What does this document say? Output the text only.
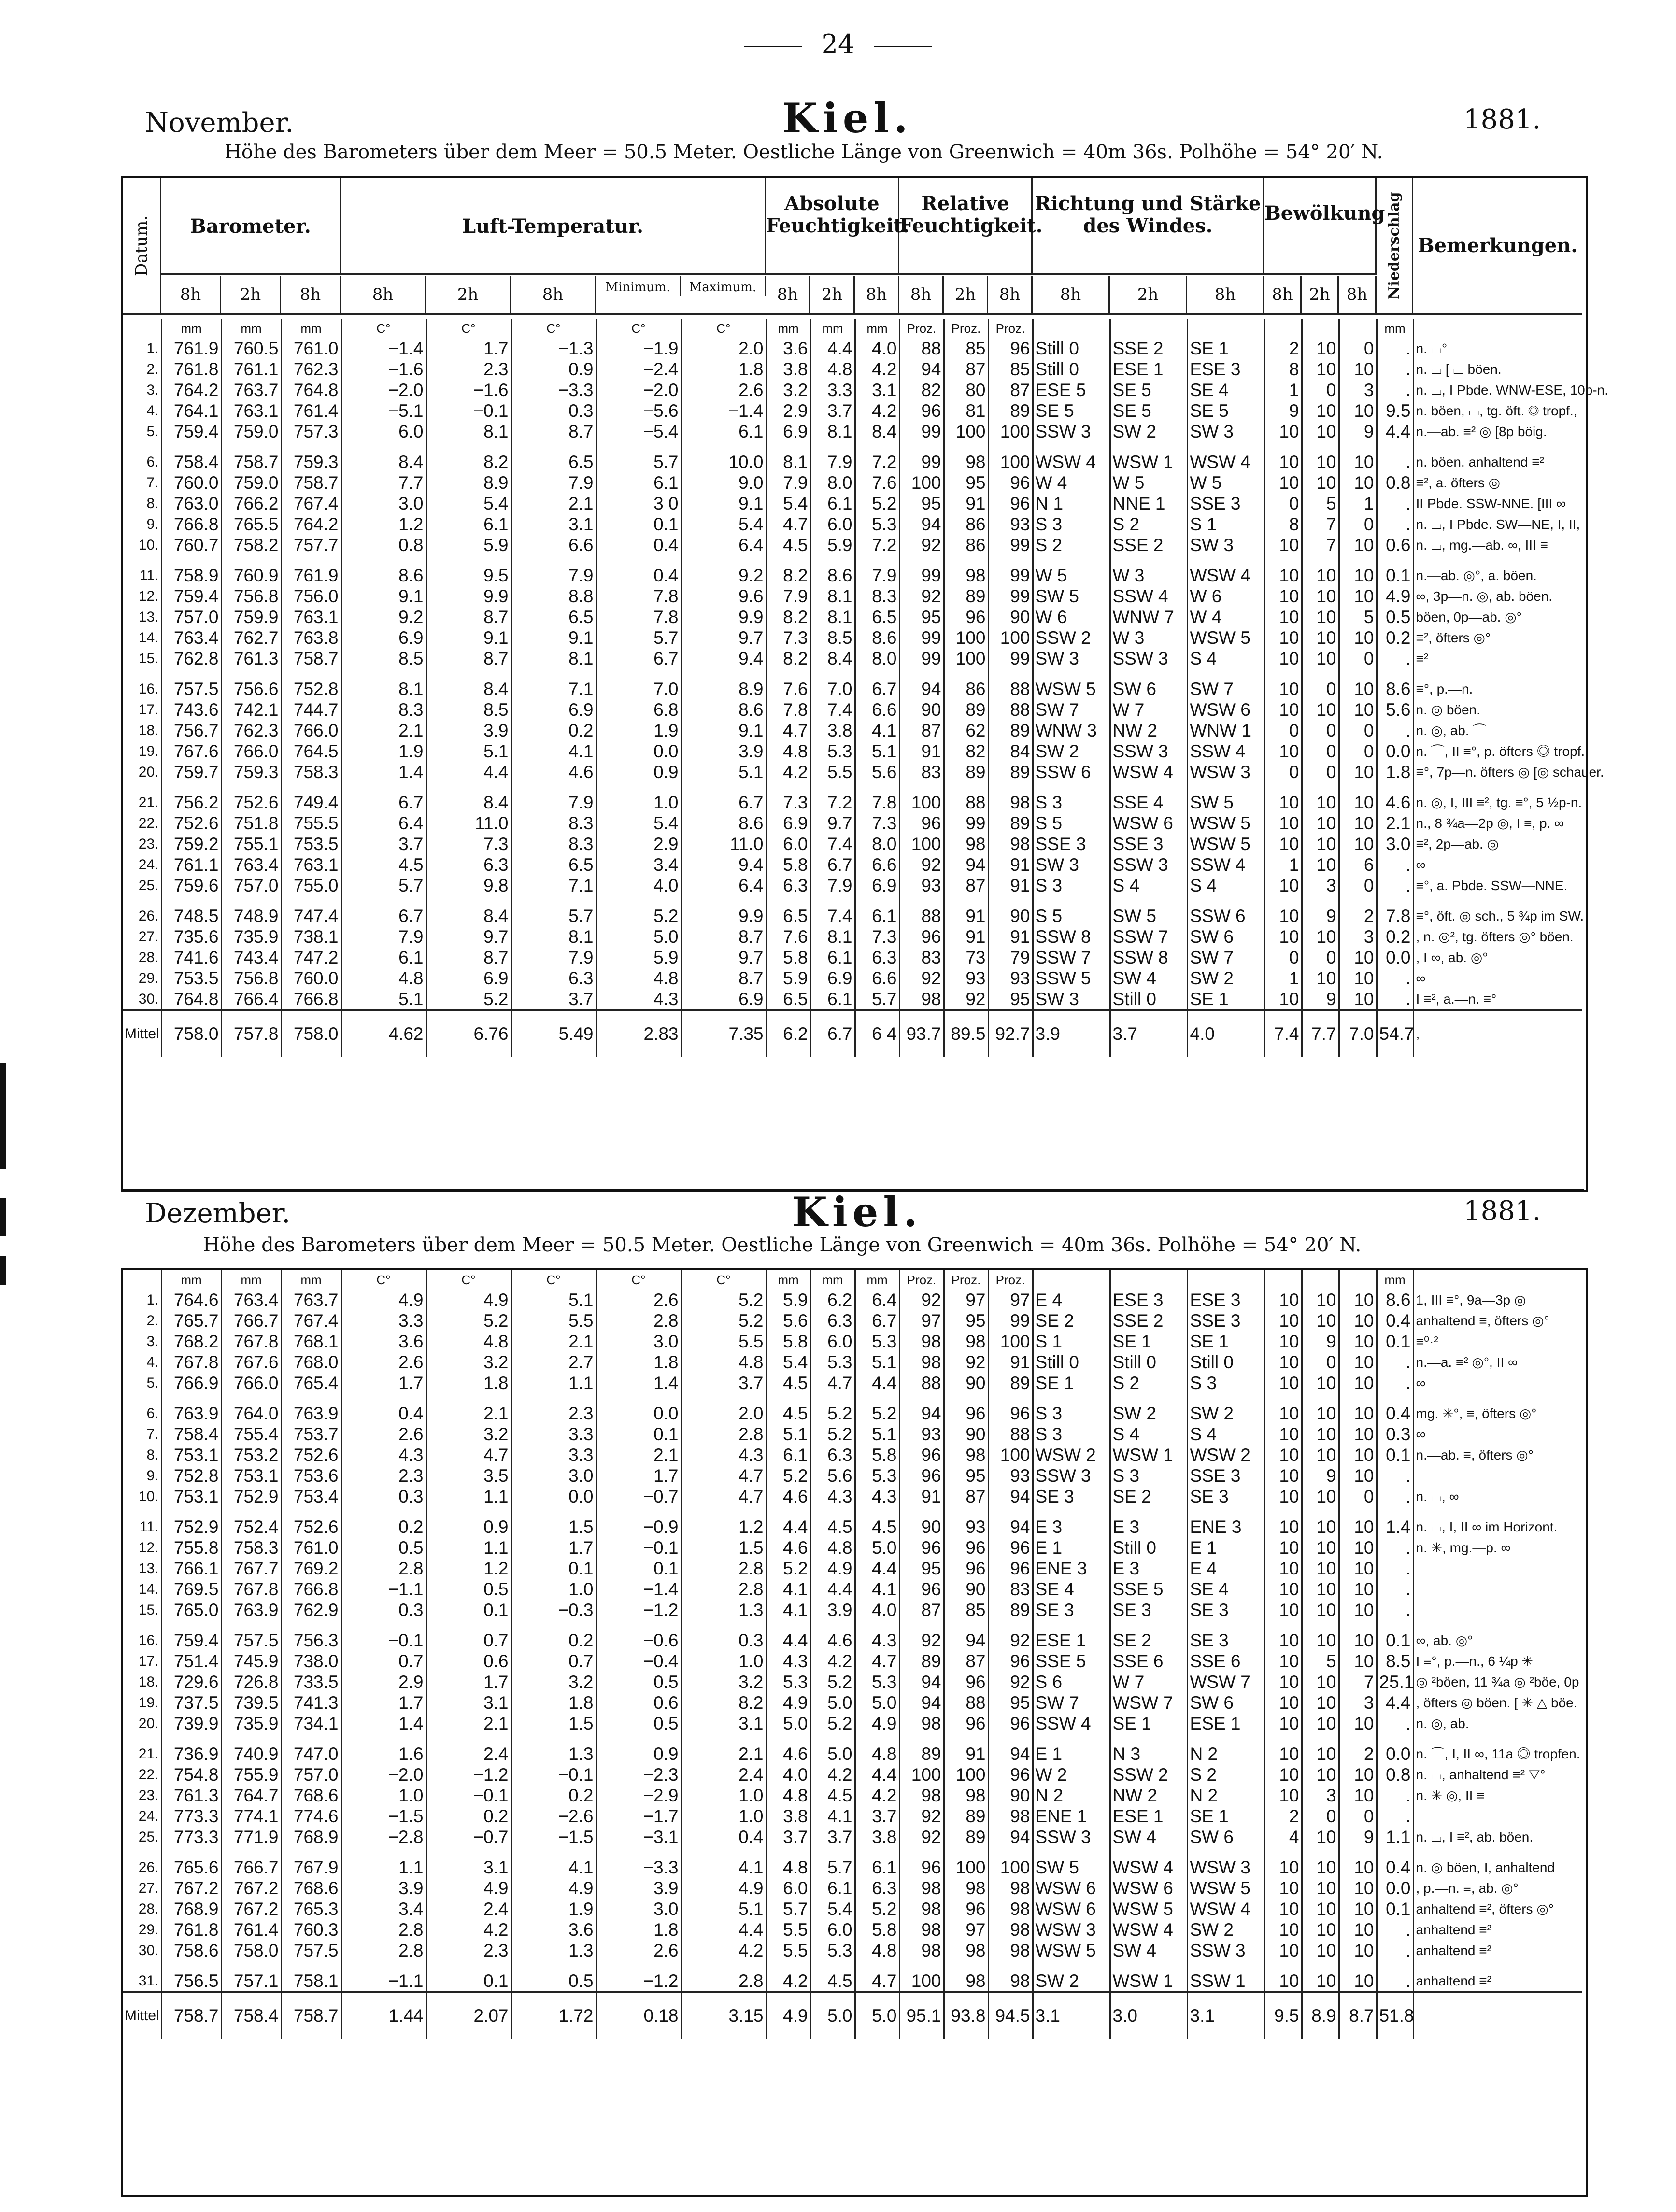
24
November.	Kiel.	1881.
Höhe des Barometers über dem Meer = 50.5 Meter. Oestliche Länge von Greenwich = 40m 36s. Polhöhe = 54° 20′ N.
Datum.	Barometer.	Luft-Temperatur.
Absolute Feuchtigkeit.
Relative Feuchtigkeit.
Richtung und Stärke des Windes.
Bewölkung Niederschlag Bemerkungen.
8h	2h	8h	8h	2h	8h	Minimum.	Maximum.	8h	2h	8h	8h	2h	8h	8h	2h	8h	8h 2h 8h
	mm	mm	mm	C°	C°	C°	C°	C°	mm	mm	mm	Proz.	Proz.	Proz.							mm	
1.	761.9	760.5	761.0	−1.4	1.7	−1.3	−1.9	2.0	3.6	4.4	4.0	88	85	96	Still 0	SSE 2	SE 1	2	10	0	.	n. ⌴°
2.	761.8	761.1	762.3	−1.6	2.3	0.9	−2.4	1.8	3.8	4.8	4.2	94	87	85	Still 0	ESE 1	ESE 3	8	10	10	.	n. ⌴ [ ⌴ böen.
3.	764.2	763.7	764.8	−2.0	−1.6	−3.3	−2.0	2.6	3.2	3.3	3.1	82	80	87	ESE 5	SE 5	SE 4	1	0	3	.	n. ⌴, I Pbde. WNW-ESE, 10p-n.
4.	764.1	763.1	761.4	−5.1	−0.1	0.3	−5.6	−1.4	2.9	3.7	4.2	96	81	89	SE 5	SE 5	SE 5	9	10	10	9.5	n. böen, ⌴, tg. öft. ◎ tropf.,
5.	759.4	759.0	757.3	6.0	8.1	8.7	−5.4	6.1	6.9	8.1	8.4	99	100	100	SSW 3	SW 2	SW 3	10	10	9	4.4	n.—ab. ≡² ◎ [8p böig.

6.	758.4	758.7	759.3	8.4	8.2	6.5	5.7	10.0	8.1	7.9	7.2	99	98	100	WSW 4	WSW 1	WSW 4	10	10	10	.	n. böen, anhaltend ≡²
7.	760.0	759.0	758.7	7.7	8.9	7.9	6.1	9.0	7.9	8.0	7.6	100	95	96	W 4	W 5	W 5	10	10	10	0.8	≡², a. öfters ◎
8.	763.0	766.2	767.4	3.0	5.4	2.1	3 0	9.1	5.4	6.1	5.2	95	91	96	N 1	NNE 1	SSE 3	0	5	1	.	II Pbde. SSW-NNE. [III ∞
9.	766.8	765.5	764.2	1.2	6.1	3.1	0.1	5.4	4.7	6.0	5.3	94	86	93	S 3	S 2	S 1	8	7	0	.	n. ⌴, I Pbde. SW—NE, I, II,
10.	760.7	758.2	757.7	0.8	5.9	6.6	0.4	6.4	4.5	5.9	7.2	92	86	99	S 2	SSE 2	SW 3	10	7	10	0.6	n. ⌴, mg.—ab. ∞, III ≡

11.	758.9	760.9	761.9	8.6	9.5	7.9	0.4	9.2	8.2	8.6	7.9	99	98	99	W 5	W 3	WSW 4	10	10	10	0.1	n.—ab. ◎°, a. böen.
12.	759.4	756.8	756.0	9.1	9.9	8.8	7.8	9.6	7.9	8.1	8.3	92	89	99	SW 5	SSW 4	W 6	10	10	10	4.9	∞, 3p—n. ◎, ab. böen.
13.	757.0	759.9	763.1	9.2	8.7	6.5	7.8	9.9	8.2	8.1	6.5	95	96	90	W 6	WNW 7	W 4	10	10	5	0.5	böen, 0p—ab. ◎°
14.	763.4	762.7	763.8	6.9	9.1	9.1	5.7	9.7	7.3	8.5	8.6	99	100	100	SSW 2	W 3	WSW 5	10	10	10	0.2	≡², öfters ◎°
15.	762.8	761.3	758.7	8.5	8.7	8.1	6.7	9.4	8.2	8.4	8.0	99	100	99	SW 3	SSW 3	S 4	10	10	0	.	≡²

16.	757.5	756.6	752.8	8.1	8.4	7.1	7.0	8.9	7.6	7.0	6.7	94	86	88	WSW 5	SW 6	SW 7	10	0	10	8.6	≡°, p.—n.
17.	743.6	742.1	744.7	8.3	8.5	6.9	6.8	8.6	7.8	7.4	6.6	90	89	88	SW 7	W 7	WSW 6	10	10	10	5.6	n. ◎ böen.
18.	756.7	762.3	766.0	2.1	3.9	0.2	1.9	9.1	4.7	3.8	4.1	87	62	89	WNW 3	NW 2	WNW 1	0	0	0	.	n. ◎, ab. ⌒
19.	767.6	766.0	764.5	1.9	5.1	4.1	0.0	3.9	4.8	5.3	5.1	91	82	84	SW 2	SSW 3	SSW 4	10	0	0	0.0	n. ⌒, II ≡°, p. öfters ◎ tropf.
20.	759.7	759.3	758.3	1.4	4.4	4.6	0.9	5.1	4.2	5.5	5.6	83	89	89	SSW 6	WSW 4	WSW 3	0	0	10	1.8	≡°, 7p—n. öfters ◎ [◎ schauer.

21.	756.2	752.6	749.4	6.7	8.4	7.9	1.0	6.7	7.3	7.2	7.8	100	88	98	S 3	SSE 4	SW 5	10	10	10	4.6	n. ◎, I, III ≡², tg. ≡°, 5 ½p-n.
22.	752.6	751.8	755.5	6.4	11.0	8.3	5.4	8.6	6.9	9.7	7.3	96	99	89	S 5	WSW 6	WSW 5	10	10	10	2.1	n., 8 ¾a—2p ◎, I ≡, p. ∞
23.	759.2	755.1	753.5	3.7	7.3	8.3	2.9	11.0	6.0	7.4	8.0	100	98	98	SSE 3	SSE 3	WSW 5	10	10	10	3.0	≡², 2p—ab. ◎
24.	761.1	763.4	763.1	4.5	6.3	6.5	3.4	9.4	5.8	6.7	6.6	92	94	91	SW 3	SSW 3	SSW 4	1	10	6	.	∞
25.	759.6	757.0	755.0	5.7	9.8	7.1	4.0	6.4	6.3	7.9	6.9	93	87	91	S 3	S 4	S 4	10	3	0	.	≡°, a. Pbde. SSW—NNE.

26.	748.5	748.9	747.4	6.7	8.4	5.7	5.2	9.9	6.5	7.4	6.1	88	91	90	S 5	SW 5	SSW 6	10	9	2	7.8	≡°, öft. ◎ sch., 5 ¾p im SW.
27.	735.6	735.9	738.1	7.9	9.7	8.1	5.0	8.7	7.6	8.1	7.3	96	91	91	SSW 8	SSW 7	SW 6	10	10	3	0.2	, n. ◎², tg. öfters ◎° böen.
28.	741.6	743.4	747.2	6.1	8.7	7.9	5.9	9.7	5.8	6.1	6.3	83	73	79	SSW 7	SSW 8	SW 7	0	0	10	0.0	, I ∞, ab. ◎°
29.	753.5	756.8	760.0	4.8	6.9	6.3	4.8	8.7	5.9	6.9	6.6	92	93	93	SSW 5	SW 4	SW 2	1	10	10	.	∞
30.	764.8	766.4	766.8	5.1	5.2	3.7	4.3	6.9	6.5	6.1	5.7	98	92	95	SW 3	Still 0	SE 1	10	9	10	.	I ≡², a.—n. ≡°
Mittel	758.0	757.8	758.0	4.62	6.76	5.49	2.83	7.35	6.2	6.7	6 4	93.7	89.5	92.7	3.9	3.7	4.0	7.4	7.7	7.0	54.7	,
Dezember.	Kiel.	1881.
Höhe des Barometers über dem Meer = 50.5 Meter. Oestliche Länge von Greenwich = 40m 36s. Polhöhe = 54° 20′ N.
	mm	mm	mm	C°	C°	C°	C°	C°	mm	mm	mm	Proz.	Proz.	Proz.							mm	
1.	764.6	763.4	763.7	4.9	4.9	5.1	2.6	5.2	5.9	6.2	6.4	92	97	97	E 4	ESE 3	ESE 3	10	10	10	8.6	1, III ≡°, 9a—3p ◎
2.	765.7	766.7	767.4	3.3	5.2	5.5	2.8	5.2	5.6	6.3	6.7	97	95	99	SE 2	SSE 2	SSE 3	10	10	10	0.4	anhaltend ≡, öfters ◎°
3.	768.2	767.8	768.1	3.6	4.8	2.1	3.0	5.5	5.8	6.0	5.3	98	98	100	S 1	SE 1	SE 1	10	9	10	0.1	≡⁰·²
4.	767.8	767.6	768.0	2.6	3.2	2.7	1.8	4.8	5.4	5.3	5.1	98	92	91	Still 0	Still 0	Still 0	10	0	10	.	n.—a. ≡² ◎°, II ∞
5.	766.9	766.0	765.4	1.7	1.8	1.1	1.4	3.7	4.5	4.7	4.4	88	90	89	SE 1	S 2	S 3	10	10	10	.	∞

6.	763.9	764.0	763.9	0.4	2.1	2.3	0.0	2.0	4.5	5.2	5.2	94	96	96	S 3	SW 2	SW 2	10	10	10	0.4	mg. ✳°, ≡, öfters ◎°
7.	758.4	755.4	753.7	2.6	3.2	3.3	0.1	2.8	5.1	5.2	5.1	93	90	88	S 3	S 4	S 4	10	10	10	0.3	∞
8.	753.1	753.2	752.6	4.3	4.7	3.3	2.1	4.3	6.1	6.3	5.8	96	98	100	WSW 2	WSW 1	WSW 2	10	10	10	0.1	n.—ab. ≡, öfters ◎°
9.	752.8	753.1	753.6	2.3	3.5	3.0	1.7	4.7	5.2	5.6	5.3	96	95	93	SSW 3	S 3	SSE 3	10	9	10	.	
10.	753.1	752.9	753.4	0.3	1.1	0.0	−0.7	4.7	4.6	4.3	4.3	91	87	94	SE 3	SE 2	SE 3	10	10	0	.	n. ⌴, ∞

11.	752.9	752.4	752.6	0.2	0.9	1.5	−0.9	1.2	4.4	4.5	4.5	90	93	94	E 3	E 3	ENE 3	10	10	10	1.4	n. ⌴, I, II ∞ im Horizont.
12.	755.8	758.3	761.0	0.5	1.1	1.7	−0.1	1.5	4.6	4.8	5.0	96	96	96	E 1	Still 0	E 1	10	10	10	.	n. ✳, mg.—p. ∞
13.	766.1	767.7	769.2	2.8	1.2	0.1	0.1	2.8	5.2	4.9	4.4	95	96	96	ENE 3	E 3	E 4	10	10	10	.	
14.	769.5	767.8	766.8	−1.1	0.5	1.0	−1.4	2.8	4.1	4.4	4.1	96	90	83	SE 4	SSE 5	SE 4	10	10	10	.	
15.	765.0	763.9	762.9	0.3	0.1	−0.3	−1.2	1.3	4.1	3.9	4.0	87	85	89	SE 3	SE 3	SE 3	10	10	10	.	

16.	759.4	757.5	756.3	−0.1	0.7	0.2	−0.6	0.3	4.4	4.6	4.3	92	94	92	ESE 1	SE 2	SE 3	10	10	10	0.1	∞, ab. ◎°
17.	751.4	745.9	738.0	0.7	0.6	0.7	−0.4	1.0	4.3	4.2	4.7	89	87	96	SSE 5	SSE 6	SSE 6	10	5	10	8.5	I ≡°, p.—n., 6 ¼p ✳
18.	729.6	726.8	733.5	2.9	1.7	3.2	0.5	3.2	5.3	5.2	5.3	94	96	92	S 6	W 7	WSW 7	10	10	7	25.1	◎ ²böen, 11 ¾a ◎ ²böe, 0p
19.	737.5	739.5	741.3	1.7	3.1	1.8	0.6	8.2	4.9	5.0	5.0	94	88	95	SW 7	WSW 7	SW 6	10	10	3	4.4	, öfters ◎ böen. [ ✳ △ böe.
20.	739.9	735.9	734.1	1.4	2.1	1.5	0.5	3.1	5.0	5.2	4.9	98	96	96	SSW 4	SE 1	ESE 1	10	10	10	.	n. ◎, ab.

21.	736.9	740.9	747.0	1.6	2.4	1.3	0.9	2.1	4.6	5.0	4.8	89	91	94	E 1	N 3	N 2	10	10	2	0.0	n. ⌒, I, II ∞, 11a ◎ tropfen.
22.	754.8	755.9	757.0	−2.0	−1.2	−0.1	−2.3	2.4	4.0	4.2	4.4	100	100	96	W 2	SSW 2	S 2	10	10	10	0.8	n. ⌴, anhaltend ≡² ▽°
23.	761.3	764.7	768.6	1.0	−0.1	0.2	−2.9	1.0	4.8	4.5	4.2	98	98	90	N 2	NW 2	N 2	10	3	10	.	n. ✳ ◎, II ≡
24.	773.3	774.1	774.6	−1.5	0.2	−2.6	−1.7	1.0	3.8	4.1	3.7	92	89	98	ENE 1	ESE 1	SE 1	2	0	0	.	
25.	773.3	771.9	768.9	−2.8	−0.7	−1.5	−3.1	0.4	3.7	3.7	3.8	92	89	94	SSW 3	SW 4	SW 6	4	10	9	1.1	n. ⌴, I ≡², ab. böen.

26.	765.6	766.7	767.9	1.1	3.1	4.1	−3.3	4.1	4.8	5.7	6.1	96	100	100	SW 5	WSW 4	WSW 3	10	10	10	0.4	n. ◎ böen, I, anhaltend
27.	767.2	767.2	768.6	3.9	4.9	4.9	3.9	4.9	6.0	6.1	6.3	98	98	98	WSW 6	WSW 6	WSW 5	10	10	10	0.0	, p.—n. ≡, ab. ◎°
28.	768.9	767.2	765.3	3.4	2.4	1.9	3.0	5.1	5.7	5.4	5.2	98	96	98	WSW 6	WSW 5	WSW 4	10	10	10	0.1	anhaltend ≡², öfters ◎°
29.	761.8	761.4	760.3	2.8	4.2	3.6	1.8	4.4	5.5	6.0	5.8	98	97	98	WSW 3	WSW 4	SW 2	10	10	10	.	anhaltend ≡²
30.	758.6	758.0	757.5	2.8	2.3	1.3	2.6	4.2	5.5	5.3	4.8	98	98	98	WSW 5	SW 4	SSW 3	10	10	10	.	anhaltend ≡²

31.	756.5	757.1	758.1	−1.1	0.1	0.5	−1.2	2.8	4.2	4.5	4.7	100	98	98	SW 2	WSW 1	SSW 1	10	10	10	.	anhaltend ≡²
Mittel	758.7	758.4	758.7	1.44	2.07	1.72	0.18	3.15	4.9	5.0	5.0	95.1	93.8	94.5	3.1	3.0	3.1	9.5	8.9	8.7	51.8	
